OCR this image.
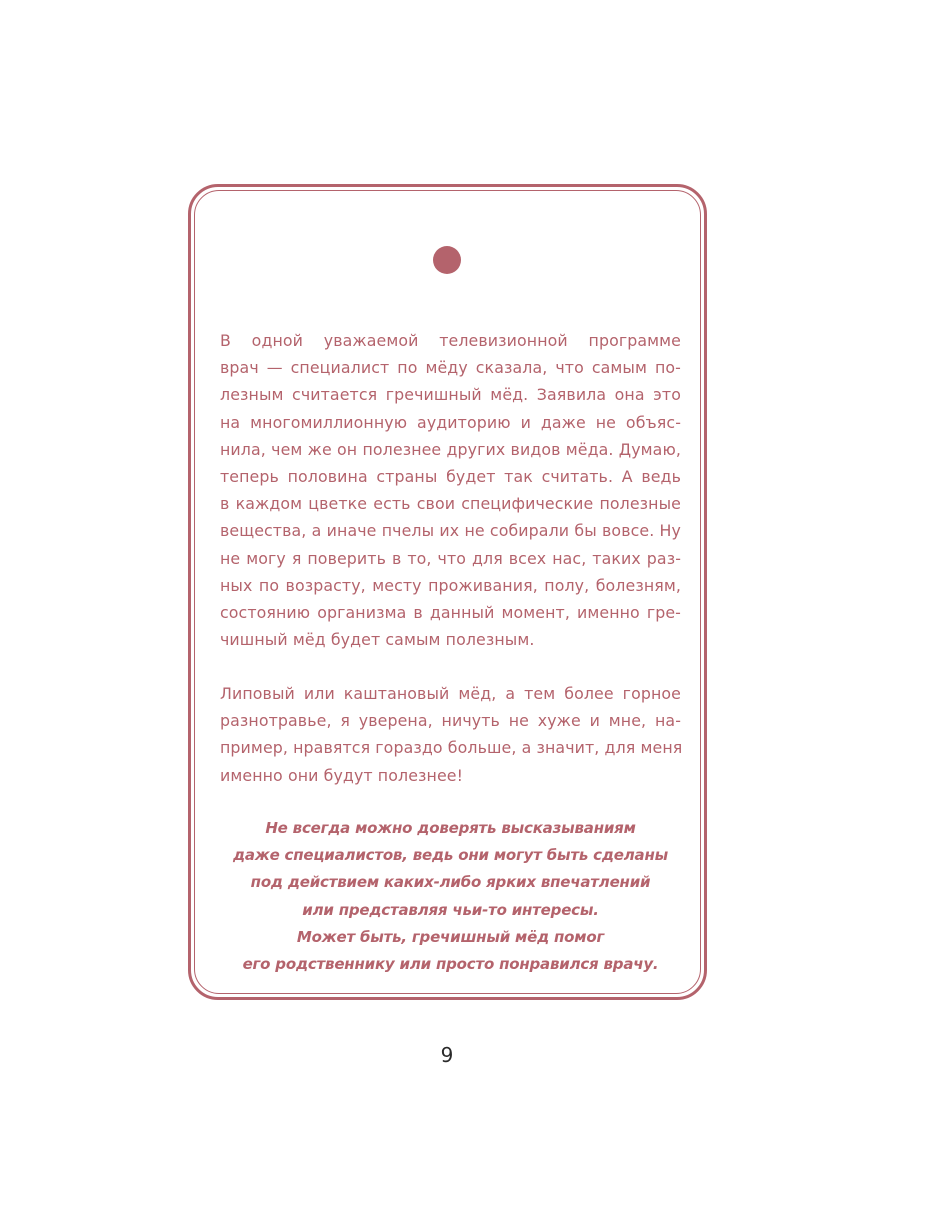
В одной уважаемой телевизионной программе
врач — специалист по мёду сказала, что самым по-
лезным считается гречишный мёд. Заявила она это
на многомиллионную аудиторию и даже не объяс-
нила, чем же он полезнее других видов мёда. Думаю,
теперь половина страны будет так считать. А ведь
в каждом цветке есть свои специфические полезные
вещества, а иначе пчелы их не собирали бы вовсе. Ну
не могу я поверить в то, что для всех нас, таких раз-
ных по возрасту, месту проживания, полу, болезням,
состоянию организма в данный момент, именно гре-
чишный мёд будет самым полезным.

Липовый или каштановый мёд, а тем более горное
разнотравье, я уверена, ничуть не хуже и мне, на-
пример, нравятся гораздо больше, а значит, для меня
именно они будут полезнее!

Не всегда можно доверять высказываниям
даже специалистов, ведь они могут быть сделаны
под действием каких-либо ярких впечатлений
или представляя чьи-то интересы.
Может быть, гречишный мёд помог
его родственнику или просто понравился врачу.

9
